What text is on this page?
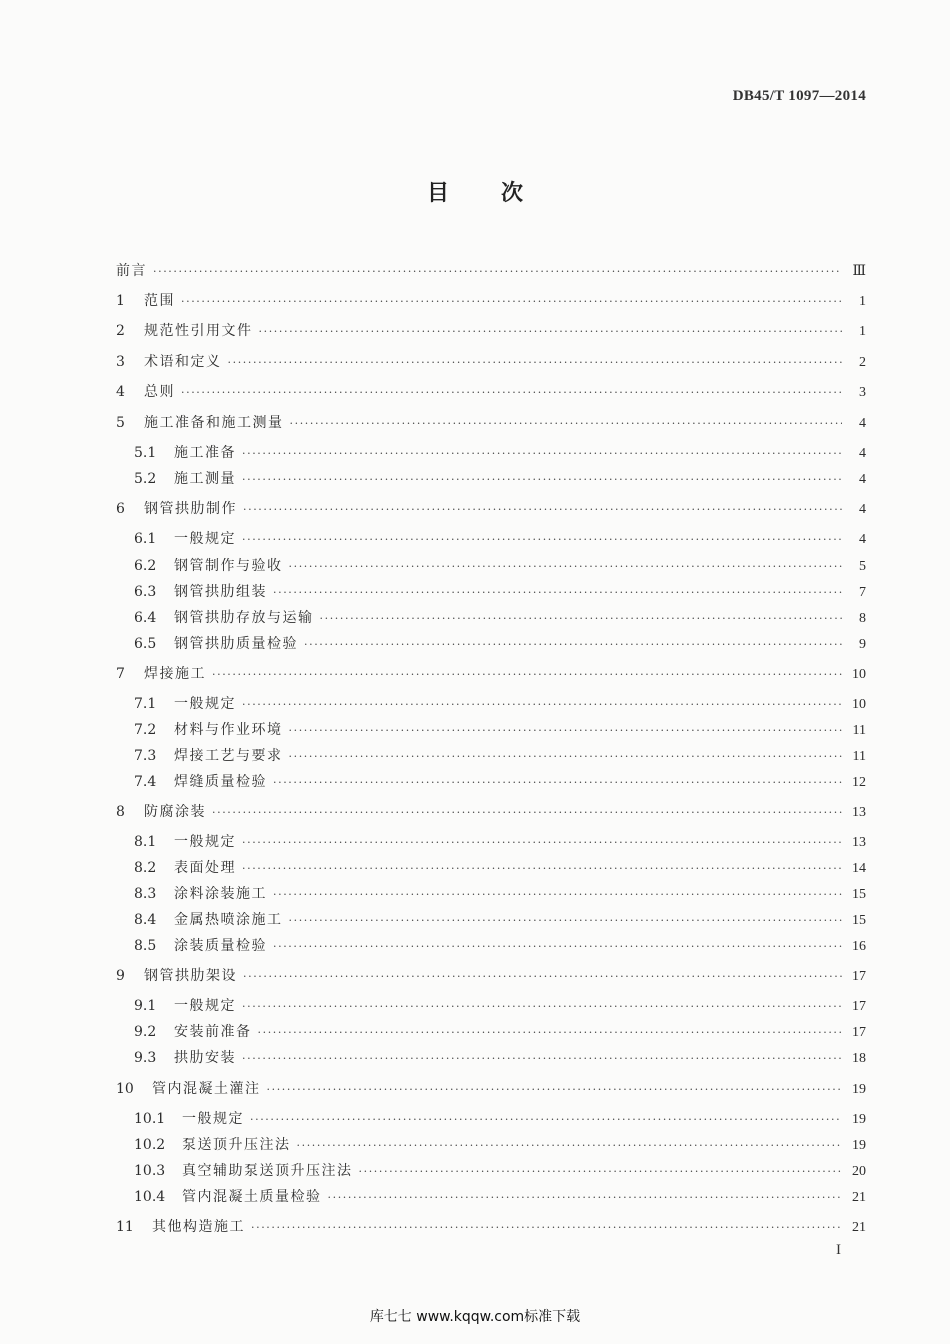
DB45/T 1097—2014
目次
前言 ·····	Ⅲ
1	范围 ·····	1
2	规范性引用文件 ·····	1
3	术语和定义 ·····	2
4	总则 ·····	3
5	施工准备和施工测量 ·····	4
5.1	施工准备 ·····	4
5.2	施工测量 ·····	4
6	钢管拱肋制作 ·····	4
6.1	一般规定 ·····	4
6.2	钢管制作与验收 ·····	5
6.3	钢管拱肋组装 ·····	7
6.4	钢管拱肋存放与运输 ·····	8
6.5	钢管拱肋质量检验 ·····	9
7	焊接施工 ·····	10
7.1	一般规定 ·····	10
7.2	材料与作业环境 ·····	11
7.3	焊接工艺与要求 ·····	11
7.4	焊缝质量检验 ·····	12
8	防腐涂装 ·····	13
8.1	一般规定 ·····	13
8.2	表面处理 ·····	14
8.3	涂料涂装施工 ·····	15
8.4	金属热喷涂施工 ·····	15
8.5	涂装质量检验 ·····	16
9	钢管拱肋架设 ·····	17
9.1	一般规定 ·····	17
9.2	安装前准备 ·····	17
9.3	拱肋安装 ·····	18
10	管内混凝土灌注 ·····	19
10.1	一般规定 ·····	19
10.2	泵送顶升压注法 ·····	19
10.3	真空辅助泵送顶升压注法 ·····	20
10.4	管内混凝土质量检验 ·····	21
11	其他构造施工 ·····	21
I
库七七 www.kqqw.com标准下载
